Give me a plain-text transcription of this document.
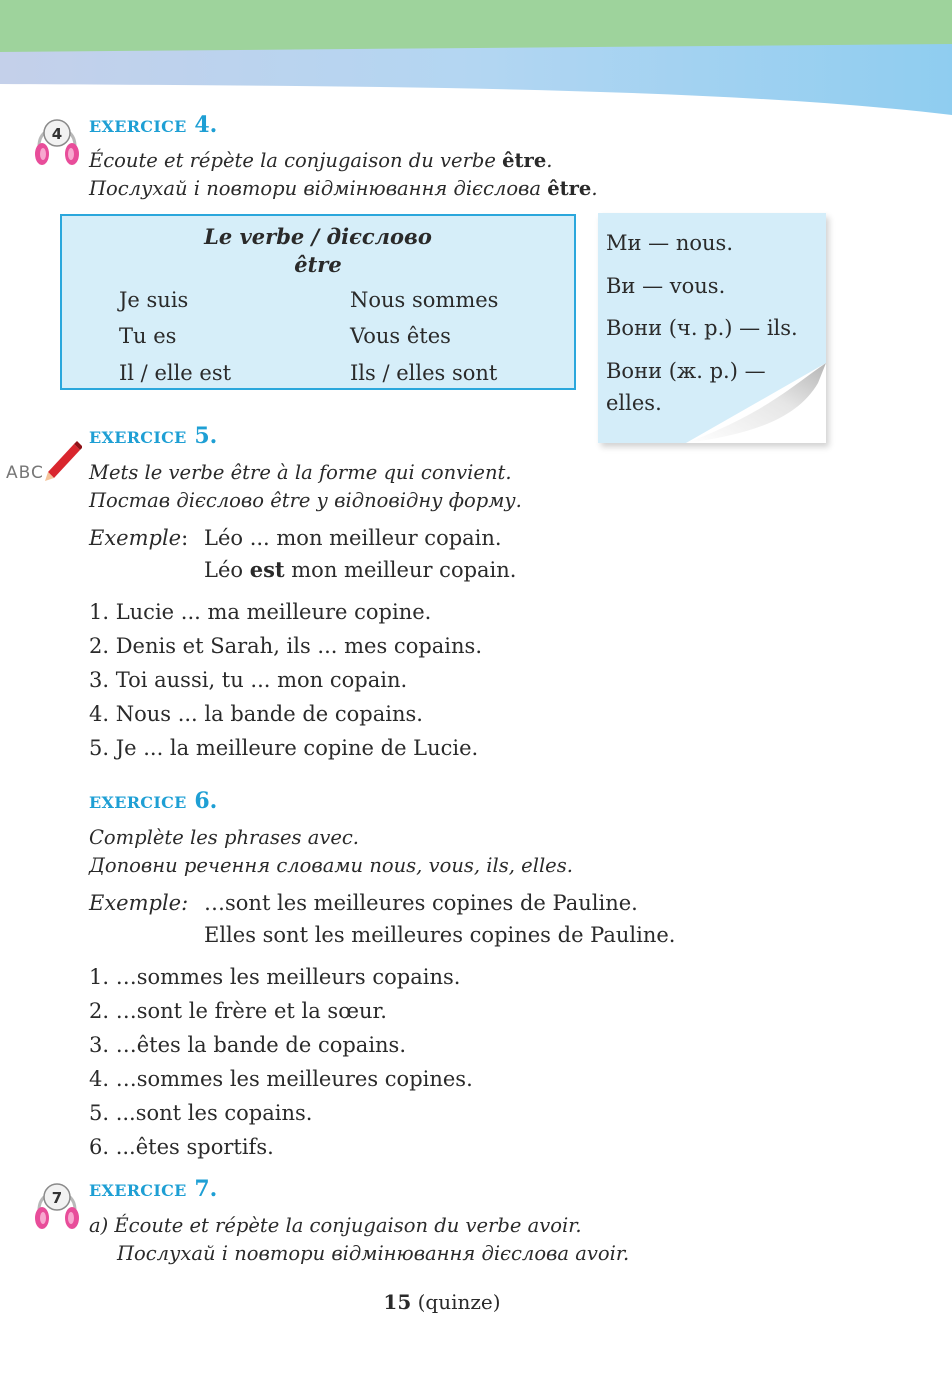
4 EXERCICE 4.
Écoute et répète la conjugaison du verbe être.
Послухай і повтори відмінювання дієслова être.
Le verbe / дієслово
être
Je suis	Nous sommes
Tu es	Vous êtes
Il / elle est	Ils / elles sont
Ми — nous.
Ви — vous.
Вони (ч. р.) — ils.
Вони (ж. р.) —
elles.
ABC
EXERCICE 5.
Mets le verbe être à la forme qui convient.
Постав дієслово être у відповідну форму.
Exemple: Léo ... mon meilleur copain.
Léo est mon meilleur copain.
1. Lucie ... ma meilleure copine.
2. Denis et Sarah, ils ... mes copains.
3. Toi aussi, tu ... mon copain.
4. Nous ... la bande de copains.
5. Je ... la meilleure copine de Lucie.
EXERCICE 6.
Complète les phrases avec.
Доповни речення словами nous, vous, ils, elles.
Exemple: …sont les meilleures copines de Pauline.
Elles sont les meilleures copines de Pauline.
1. …sommes les meilleurs copains.
2. …sont le frère et la sœur.
3. …êtes la bande de copains.
4. …sommes les meilleures copines.
5. ...sont les copains.
6. ...êtes sportifs.
7 EXERCICE 7.
a) Écoute et répète la conjugaison du verbe avoir.
Послухай і повтори відмінювання дієслова avoir.
15 (quinze)
